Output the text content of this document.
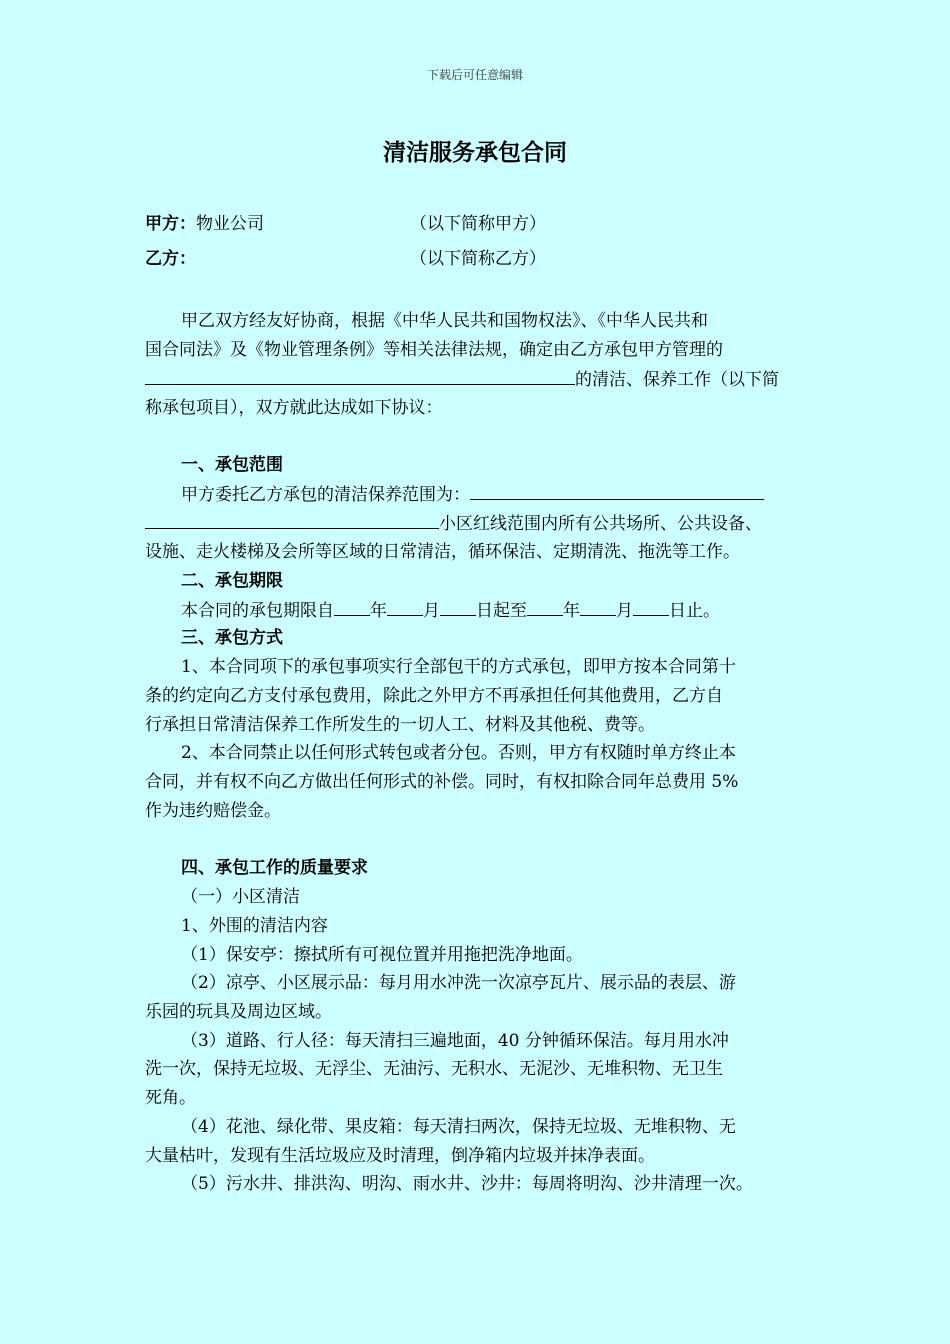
下载后可任意编辑
清洁服务承包合同
甲方：物业公司	（以下简称甲方）
乙方：	（以下简称乙方）
甲乙双方经友好协商，根据《中华人民共和国物权法》、《中华人民共和
国合同法》及《物业管理条例》等相关法律法规，确定由乙方承包甲方管理的
的清洁、保养工作（以下简
称承包项目），双方就此达成如下协议：
一、承包范围
甲方委托乙方承包的清洁保养范围为：
小区红线范围内所有公共场所、公共设备、
设施、走火楼梯及会所等区域的日常清洁，循环保洁、定期清洗、拖洗等工作。
二、承包期限
本合同的承包期限自 年 月 日起至 年 月 日止。
三、承包方式
1、本合同项下的承包事项实行全部包干的方式承包，即甲方按本合同第十
条的约定向乙方支付承包费用，除此之外甲方不再承担任何其他费用，乙方自
行承担日常清洁保养工作所发生的一切人工、材料及其他税、费等。
2、本合同禁止以任何形式转包或者分包。否则，甲方有权随时单方终止本
合同，并有权不向乙方做出任何形式的补偿。同时，有权扣除合同年总费用 5%
作为违约赔偿金。
四、承包工作的质量要求
（一）小区清洁
1、外围的清洁内容
（1）保安亭：擦拭所有可视位置并用拖把洗净地面。
（2）凉亭、小区展示品：每月用水冲洗一次凉亭瓦片、展示品的表层、游
乐园的玩具及周边区域。
（3）道路、行人径：每天清扫三遍地面，40 分钟循环保洁。每月用水冲
洗一次，保持无垃圾、无浮尘、无油污、无积水、无泥沙、无堆积物、无卫生
死角。
（4）花池、绿化带、果皮箱：每天清扫两次，保持无垃圾、无堆积物、无
大量枯叶，发现有生活垃圾应及时清理，倒净箱内垃圾并抹净表面。
（5）污水井、排洪沟、明沟、雨水井、沙井：每周将明沟、沙井清理一次。
